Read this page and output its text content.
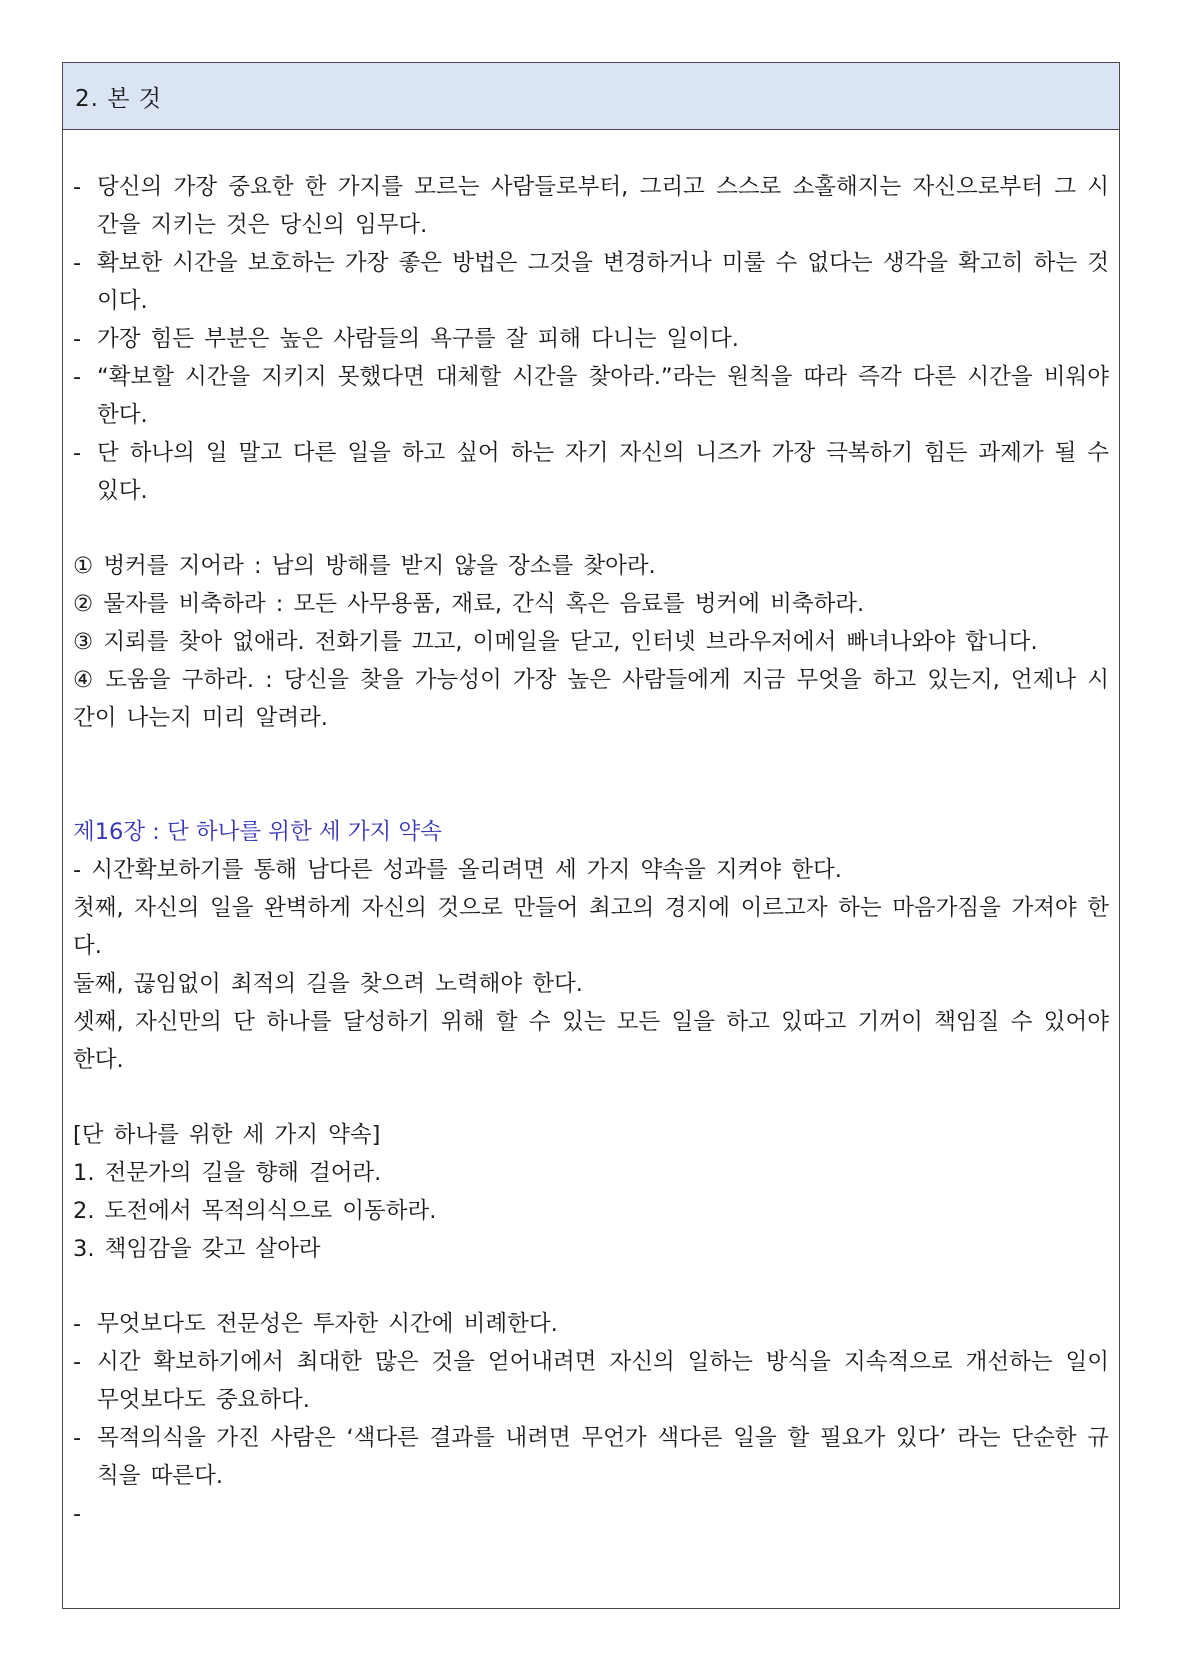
2. 본 것
- 당신의 가장 중요한 한 가지를 모르는 사람들로부터, 그리고 스스로 소홀해지는 자신으로부터 그 시간을 지키는 것은 당신의 임무다.
- 확보한 시간을 보호하는 가장 좋은 방법은 그것을 변경하거나 미룰 수 없다는 생각을 확고히 하는 것이다.
- 가장 힘든 부분은 높은 사람들의 욕구를 잘 피해 다니는 일이다.
- “확보할 시간을 지키지 못했다면 대체할 시간을 찾아라.”라는 원칙을 따라 즉각 다른 시간을 비워야 한다.
- 단 하나의 일 말고 다른 일을 하고 싶어 하는 자기 자신의 니즈가 가장 극복하기 힘든 과제가 될 수 있다.
① 벙커를 지어라 : 남의 방해를 받지 않을 장소를 찾아라.
② 물자를 비축하라 : 모든 사무용품, 재료, 간식 혹은 음료를 벙커에 비축하라.
③ 지뢰를 찾아 없애라. 전화기를 끄고, 이메일을 닫고, 인터넷 브라우저에서 빠녀나와야 합니다.
④ 도움을 구하라. : 당신을 찾을 가능성이 가장 높은 사람들에게 지금 무엇을 하고 있는지, 언제나 시간이 나는지 미리 알려라.
제16장 : 단 하나를 위한 세 가지 약속
- 시간확보하기를 통해 남다른 성과를 올리려면 세 가지 약속을 지켜야 한다.
첫째, 자신의 일을 완벽하게 자신의 것으로 만들어 최고의 경지에 이르고자 하는 마음가짐을 가져야 한다.
둘째, 끊임없이 최적의 길을 찾으려 노력해야 한다.
셋째, 자신만의 단 하나를 달성하기 위해 할 수 있는 모든 일을 하고 있따고 기꺼이 책임질 수 있어야 한다.
[단 하나를 위한 세 가지 약속]
1. 전문가의 길을 향해 걸어라.
2. 도전에서 목적의식으로 이동하라.
3. 책임감을 갖고 살아라
- 무엇보다도 전문성은 투자한 시간에 비례한다.
- 시간 확보하기에서 최대한 많은 것을 얻어내려면 자신의 일하는 방식을 지속적으로 개선하는 일이 무엇보다도 중요하다.
- 목적의식을 가진 사람은 ‘색다른 결과를 내려면 무언가 색다른 일을 할 필요가 있다’ 라는 단순한 규칙을 따른다.
-
